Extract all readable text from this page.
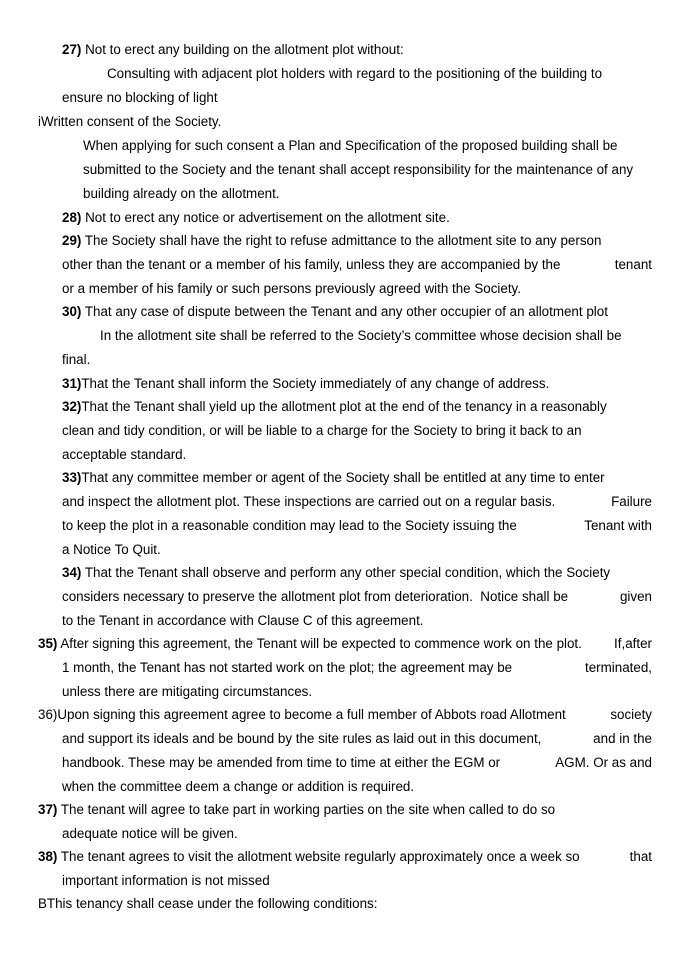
27) Not to erect any building on the allotment plot without:
Consulting with adjacent plot holders with regard to the positioning of the building to
ensure no blocking of light
iWritten consent of the Society.
When applying for such consent a Plan and Specification of the proposed building shall be
submitted to the Society and the tenant shall accept responsibility for the maintenance of any
building already on the allotment.
28) Not to erect any notice or advertisement on the allotment site.
29) The Society shall have the right to refuse admittance to the allotment site to any person
other than the tenant or a member of his family, unless they are accompanied by the	tenant
or a member of his family or such persons previously agreed with the Society.
30) That any case of dispute between the Tenant and any other occupier of an allotment plot
In the allotment site shall be referred to the Society’s committee whose decision shall be
final.
31)That the Tenant shall inform the Society immediately of any change of address.
32)That the Tenant shall yield up the allotment plot at the end of the tenancy in a reasonably
clean and tidy condition, or will be liable to a charge for the Society to bring it back to an
acceptable standard.
33)That any committee member or agent of the Society shall be entitled at any time to enter
and inspect the allotment plot. These inspections are carried out on a regular basis.	Failure
to keep the plot in a reasonable condition may lead to the Society issuing the	Tenant with
a Notice To Quit.
34) That the Tenant shall observe and perform any other special condition, which the Society
considers necessary to preserve the allotment plot from deterioration.  Notice shall be	given
to the Tenant in accordance with Clause C of this agreement.
35) After signing this agreement, the Tenant will be expected to commence work on the plot. If,after
1 month, the Tenant has not started work on the plot; the agreement may be	terminated,
unless there are mitigating circumstances.
36)Upon signing this agreement agree to become a full member of Abbots road Allotment	society
and support its ideals and be bound by the site rules as laid out in this document,	and in the
handbook. These may be amended from time to time at either the EGM or	AGM. Or as and
when the committee deem a change or addition is required.
37) The tenant will agree to take part in working parties on the site when called to do so
adequate notice will be given.
38) The tenant agrees to visit the allotment website regularly approximately once a week so	that
important information is not missed
BThis tenancy shall cease under the following conditions:
